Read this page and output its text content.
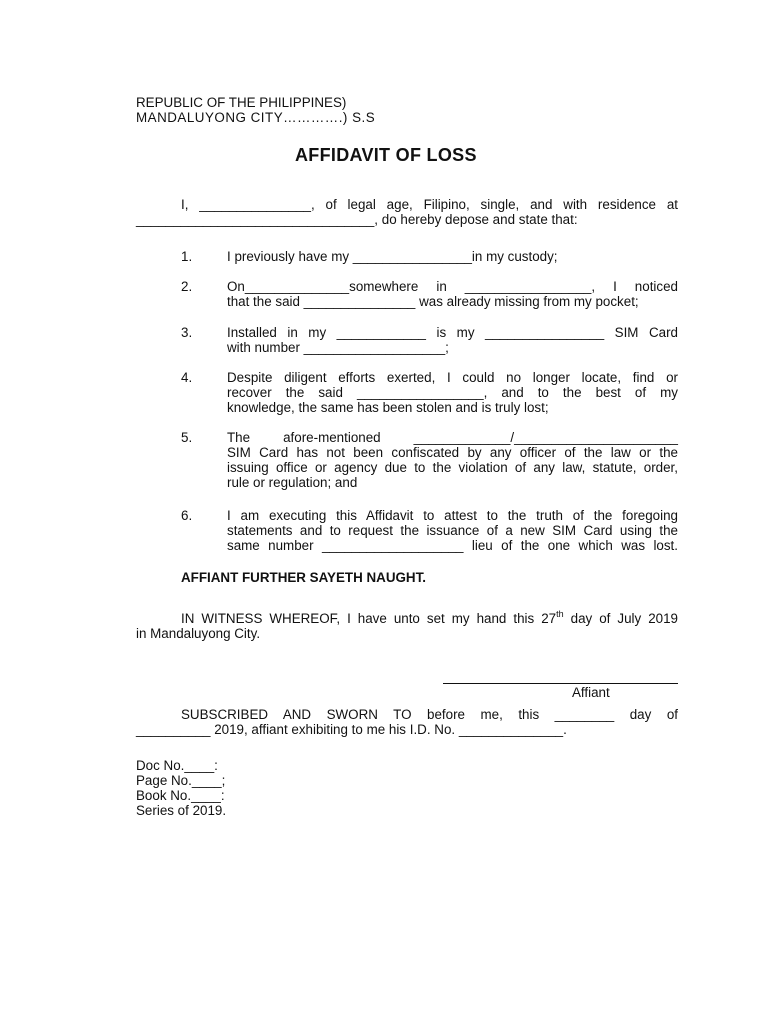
REPUBLIC OF THE PHILIPPINES)
MANDALUYONG CITY………….) S.S
AFFIDAVIT OF LOSS
I, _______________, of legal age, Filipino, single, and with residence at
________________________________, do hereby depose and state that:
1.	I previously have my ________________in my custody;
2.	On______________somewhere in _________________, I noticed
that the said _______________ was already missing from my pocket;
3.	Installed in my ____________ is my ________________ SIM Card
with number ___________________;
4.	Despite diligent efforts exerted, I could no longer locate, find or
recover the said _________________, and to the best of my
knowledge, the same has been stolen and is truly lost;
5.	The afore-mentioned _____________/______________________
SIM Card has not been confiscated by any officer of the law or the
issuing office or agency due to the violation of any law, statute, order,
rule or regulation; and
6.	I am executing this Affidavit to attest to the truth of the foregoing
statements and to request the issuance of a new SIM Card using the
same number ___________________ lieu of the one which was lost.
AFFIANT FURTHER SAYETH NAUGHT.
IN WITNESS WHEREOF, I have unto set my hand this 27th day of July 2019
in Mandaluyong City.
Affiant
SUBSCRIBED AND SWORN TO before me, this ________ day of
__________ 2019, affiant exhibiting to me his I.D. No. ______________.
Doc No.____:
Page No.____;
Book No.____:
Series of 2019.
